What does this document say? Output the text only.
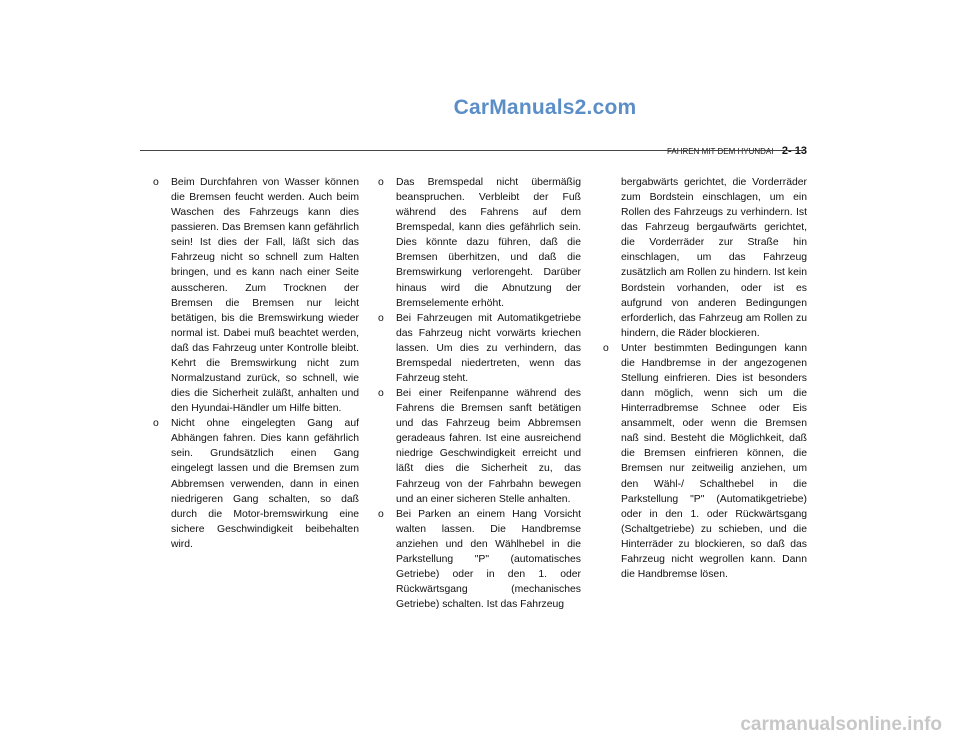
CarManuals2.com
FAHREN MIT DEM HYUNDAI 2- 13

o Beim Durchfahren von Wasser können die Bremsen feucht werden. Auch beim Waschen des Fahrzeugs kann dies passieren. Das Bremsen kann gefährlich sein! Ist dies der Fall, läßt sich das Fahrzeug nicht so schnell zum Halten bringen, und es kann nach einer Seite ausscheren. Zum Trocknen der Bremsen die Bremsen nur leicht betätigen, bis die Bremswirkung wieder normal ist. Dabei muß beachtet werden, daß das Fahrzeug unter Kontrolle bleibt. Kehrt die Bremswirkung nicht zum Normalzustand zurück, so schnell, wie dies die Sicherheit zuläßt, anhalten und den Hyundai-Händler um Hilfe bitten.

o Nicht ohne eingelegten Gang auf Abhängen fahren. Dies kann gefährlich sein. Grundsätzlich einen Gang eingelegt lassen und die Bremsen zum Abbremsen verwenden, dann in einen niedrigeren Gang schalten, so daß durch die Motor-bremswirkung eine sichere Geschwindigkeit beibehalten wird.

o Das Bremspedal nicht übermäßig beanspruchen. Verbleibt der Fuß während des Fahrens auf dem Bremspedal, kann dies gefährlich sein. Dies könnte dazu führen, daß die Bremsen überhitzen, und daß die Bremswirkung verlorengeht. Darüber hinaus wird die Abnutzung der Bremselemente erhöht.

o Bei Fahrzeugen mit Automatikgetriebe das Fahrzeug nicht vorwärts kriechen lassen. Um dies zu verhindern, das Bremspedal niedertreten, wenn das Fahrzeug steht.

o Bei einer Reifenpanne während des Fahrens die Bremsen sanft betätigen und das Fahrzeug beim Abbremsen geradeaus fahren. Ist eine ausreichend niedrige Geschwindigkeit erreicht und läßt dies die Sicherheit zu, das Fahrzeug von der Fahrbahn bewegen und an einer sicheren Stelle anhalten.

o Bei Parken an einem Hang Vorsicht walten lassen. Die Handbremse anziehen und den Wählhebel in die Parkstellung "P" (automatisches Getriebe) oder in den 1. oder Rückwärtsgang (mechanisches Getriebe) schalten. Ist das Fahrzeug

bergabwärts gerichtet, die Vorderräder zum Bordstein einschlagen, um ein Rollen des Fahrzeugs zu verhindern. Ist das Fahrzeug bergaufwärts gerichtet, die Vorderräder zur Straße hin einschlagen, um das Fahrzeug zusätzlich am Rollen zu hindern. Ist kein Bordstein vorhanden, oder ist es aufgrund von anderen Bedingungen erforderlich, das Fahrzeug am Rollen zu hindern, die Räder blockieren.

o Unter bestimmten Bedingungen kann die Handbremse in der angezogenen Stellung einfrieren. Dies ist besonders dann möglich, wenn sich um die Hinterradbremse Schnee oder Eis ansammelt, oder wenn die Bremsen naß sind. Besteht die Möglichkeit, daß die Bremsen einfrieren können, die Bremsen nur zeitweilig anziehen, um den Wähl-/ Schalthebel in die Parkstellung "P" (Automatikgetriebe) oder in den 1. oder Rückwärtsgang (Schaltgetriebe) zu schieben, und die Hinterräder zu blockieren, so daß das Fahrzeug nicht wegrollen kann. Dann die Handbremse lösen.

carmanualsonline.info
